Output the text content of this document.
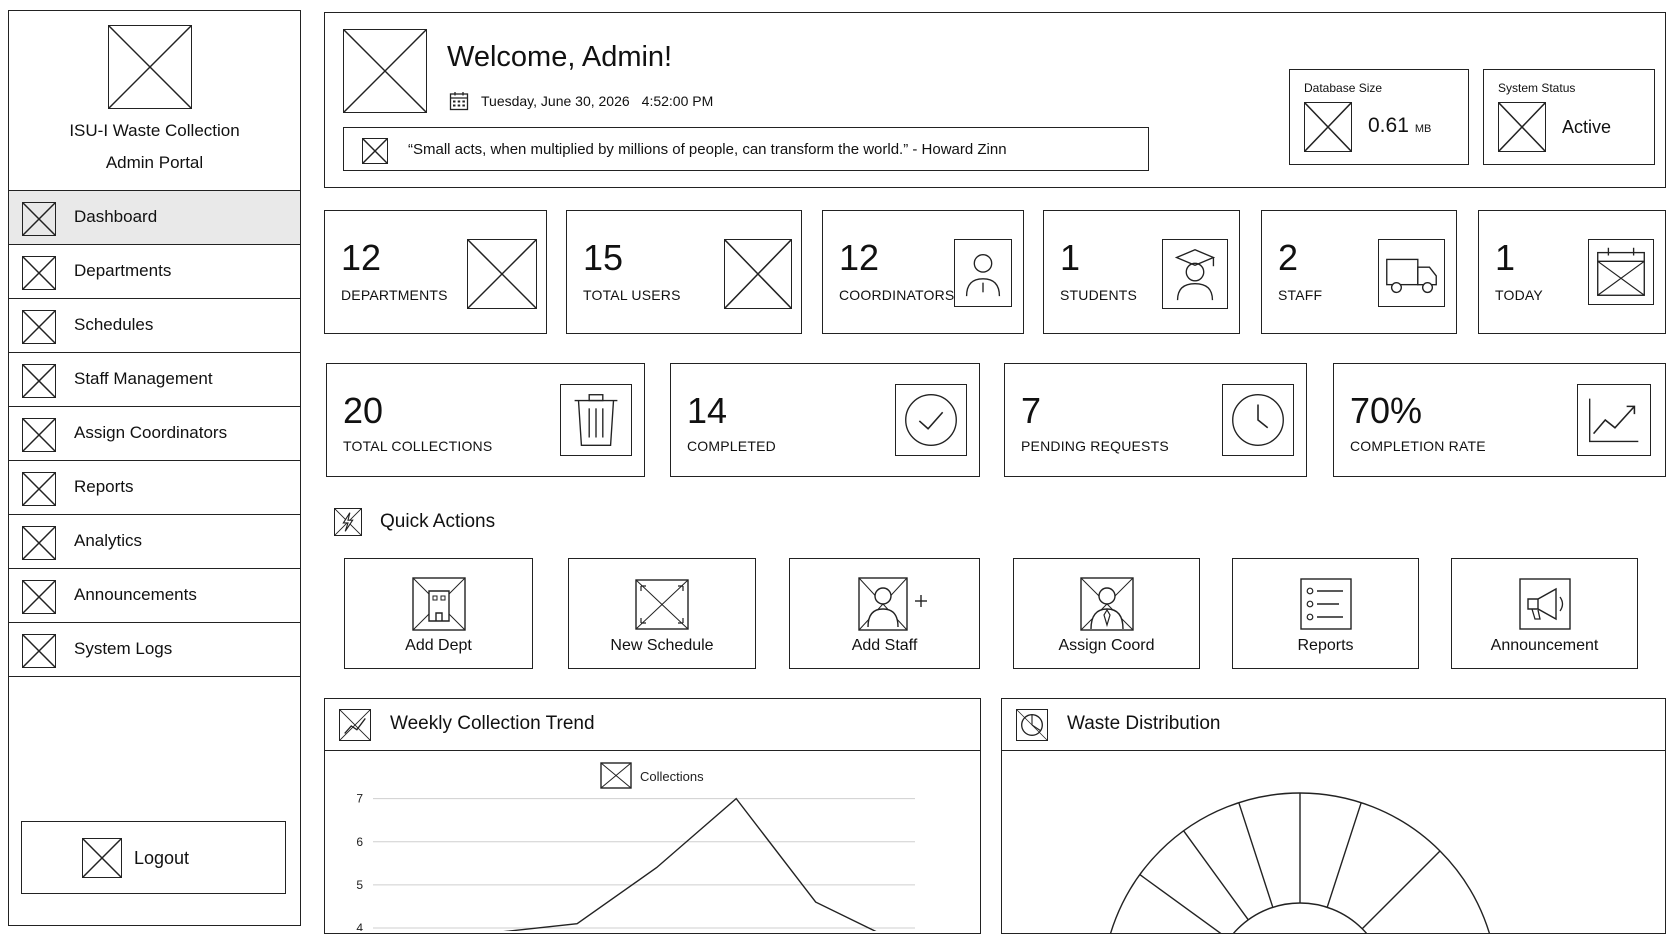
ISU-I Waste Collection
Admin Portal
Dashboard
Departments
Schedules
Staff Management
Assign Coordinators
Reports
Analytics
Announcements
System Logs
Logout
Welcome, Admin!
Tuesday, June 30, 2026 4:52:00 PM
“Small acts, when multiplied by millions of people, can transform the world.” - Howard Zinn
Database Size
0.61 MB
System Status
Active
12
DEPARTMENTS
15
TOTAL USERS
12
COORDINATORS
1
STUDENTS
2
STAFF
1
TODAY
20
TOTAL COLLECTIONS
14
COMPLETED
7
PENDING REQUESTS
70%
COMPLETION RATE
Quick Actions
Add Dept	New Schedule	Add Staff	Assign Coord	Reports	Announcement
Weekly Collection Trend
Collections
4
5
6
7
Waste Distribution
